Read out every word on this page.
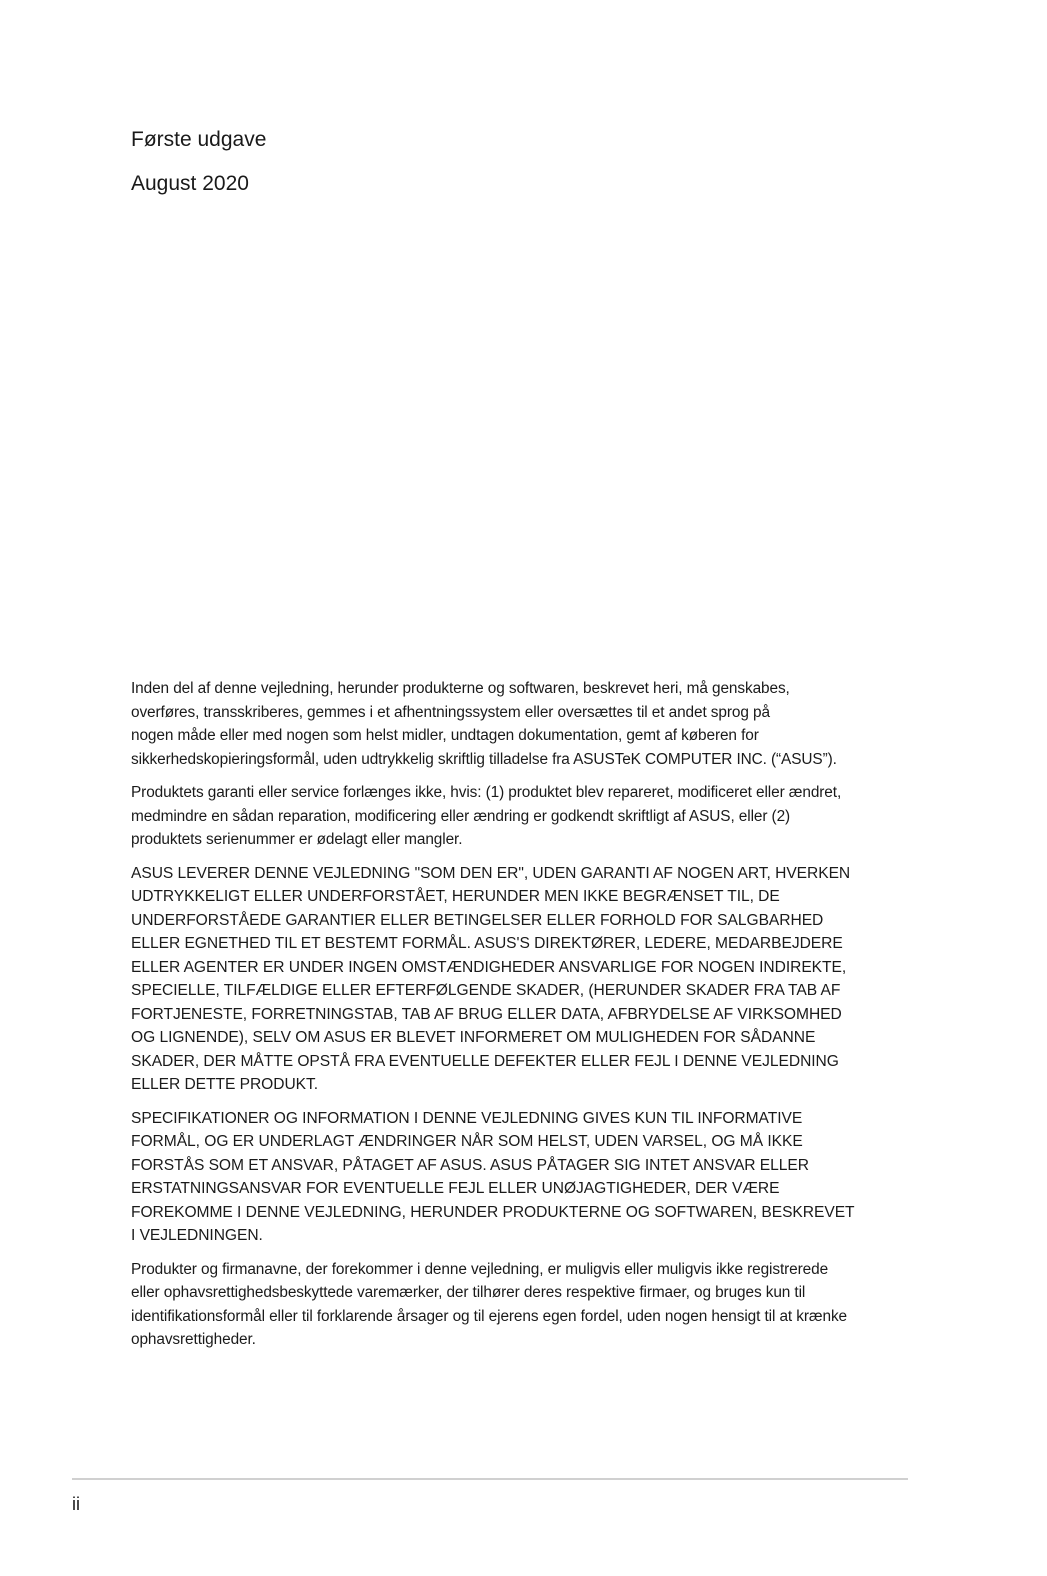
Første udgave
August 2020

Inden del af denne vejledning, herunder produkterne og softwaren, beskrevet heri, må genskabes,
overføres, transskriberes, gemmes i et afhentningssystem eller oversættes til et andet sprog på
nogen måde eller med nogen som helst midler, undtagen dokumentation, gemt af køberen for
sikkerhedskopieringsformål, uden udtrykkelig skriftlig tilladelse fra ASUSTeK COMPUTER INC. (“ASUS”).

Produktets garanti eller service forlænges ikke, hvis: (1) produktet blev repareret, modificeret eller ændret,
medmindre en sådan reparation, modificering eller ændring er godkendt skriftligt af ASUS, eller (2)
produktets serienummer er ødelagt eller mangler.

ASUS LEVERER DENNE VEJLEDNING "SOM DEN ER", UDEN GARANTI AF NOGEN ART, HVERKEN
UDTRYKKELIGT ELLER UNDERFORSTÅET, HERUNDER MEN IKKE BEGRÆNSET TIL, DE
UNDERFORSTÅEDE GARANTIER ELLER BETINGELSER ELLER FORHOLD FOR SALGBARHED
ELLER EGNETHED TIL ET BESTEMT FORMÅL. ASUS'S DIREKTØRER, LEDERE, MEDARBEJDERE
ELLER AGENTER ER UNDER INGEN OMSTÆNDIGHEDER ANSVARLIGE FOR NOGEN INDIREKTE,
SPECIELLE, TILFÆLDIGE ELLER EFTERFØLGENDE SKADER, (HERUNDER SKADER FRA TAB AF
FORTJENESTE, FORRETNINGSTAB, TAB AF BRUG ELLER DATA, AFBRYDELSE AF VIRKSOMHED
OG LIGNENDE), SELV OM ASUS ER BLEVET INFORMERET OM MULIGHEDEN FOR SÅDANNE
SKADER, DER MÅTTE OPSTÅ FRA EVENTUELLE DEFEKTER ELLER FEJL I DENNE VEJLEDNING
ELLER DETTE PRODUKT.

SPECIFIKATIONER OG INFORMATION I DENNE VEJLEDNING GIVES KUN TIL INFORMATIVE
FORMÅL, OG ER UNDERLAGT ÆNDRINGER NÅR SOM HELST, UDEN VARSEL, OG MÅ IKKE
FORSTÅS SOM ET ANSVAR, PÅTAGET AF ASUS. ASUS PÅTAGER SIG INTET ANSVAR ELLER
ERSTATNINGSANSVAR FOR EVENTUELLE FEJL ELLER UNØJAGTIGHEDER, DER VÆRE
FOREKOMME I DENNE VEJLEDNING, HERUNDER PRODUKTERNE OG SOFTWAREN, BESKREVET
I VEJLEDNINGEN.

Produkter og firmanavne, der forekommer i denne vejledning, er muligvis eller muligvis ikke registrerede
eller ophavsrettighedsbeskyttede varemærker, der tilhører deres respektive firmaer, og bruges kun til
identifikationsformål eller til forklarende årsager og til ejerens egen fordel, uden nogen hensigt til at krænke
ophavsrettigheder.

ii
